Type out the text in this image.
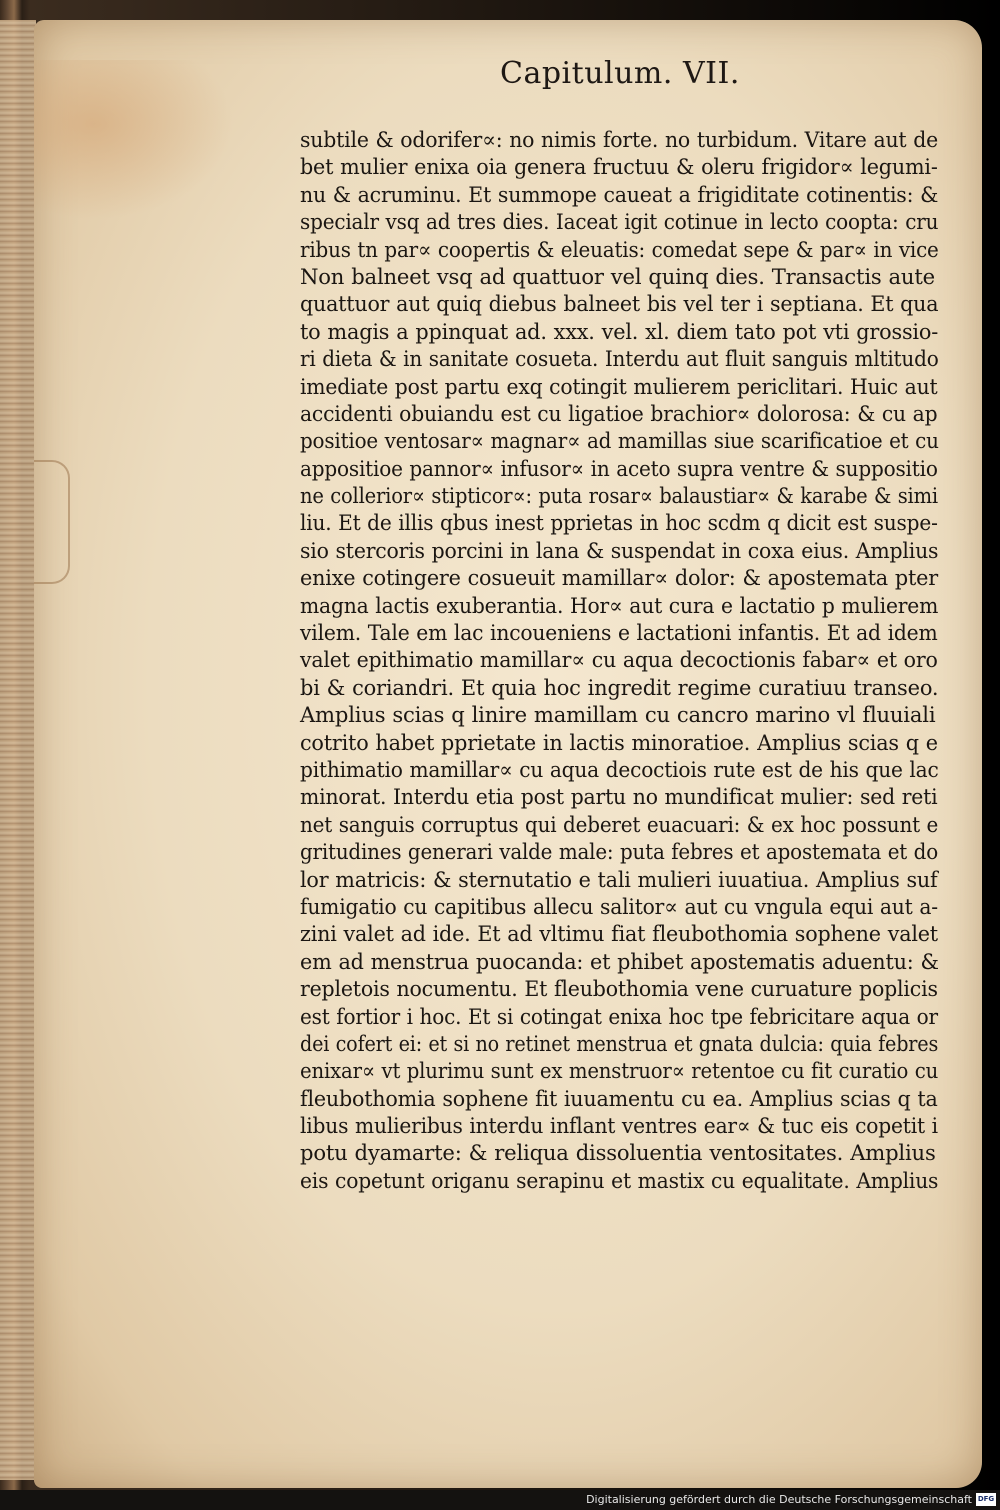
Capitulum. VII.
subtile & odorifer∝: no nimis forte. no turbidum. Vitare aut de
bet mulier enixa oia genera fructuu & oleru frigidor∝ legumi-
nu & acruminu. Et summope caueat a frigiditate cotinentis: &
specialr vsq ad tres dies. Iaceat igit cotinue in lecto coopta: cru
ribus tn par∝ coopertis & eleuatis: comedat sepe & par∝ in vice
Non balneet vsq ad quattuor vel quinq dies. Transactis aute
quattuor aut quiq diebus balneet bis vel ter i septiana. Et qua
to magis a ppinquat ad. xxx. vel. xl. diem tato pot vti grossio-
ri dieta & in sanitate cosueta. Interdu aut fluit sanguis mltitudo
imediate post partu exq cotingit mulierem periclitari. Huic aut
accidenti obuiandu est cu ligatioe brachior∝ dolorosa: & cu ap
positioe ventosar∝ magnar∝ ad mamillas siue scarificatioe et cu
appositioe pannor∝ infusor∝ in aceto supra ventre & suppositio
ne collerior∝ stipticor∝: puta rosar∝ balaustiar∝ & karabe & simi
liu. Et de illis qbus inest pprietas in hoc scdm q dicit est suspe-
sio stercoris porcini in lana & suspendat in coxa eius. Amplius
enixe cotingere cosueuit mamillar∝ dolor: & apostemata pter
magna lactis exuberantia. Hor∝ aut cura e lactatio p mulierem
vilem. Tale em lac incoueniens e lactationi infantis. Et ad idem
valet epithimatio mamillar∝ cu aqua decoctionis fabar∝ et oro
bi & coriandri. Et quia hoc ingredit regime curatiuu transeo.
Amplius scias q linire mamillam cu cancro marino vl fluuiali
cotrito habet pprietate in lactis minoratioe. Amplius scias q e
pithimatio mamillar∝ cu aqua decoctiois rute est de his que lac
minorat. Interdu etia post partu no mundificat mulier: sed reti
net sanguis corruptus qui deberet euacuari: & ex hoc possunt e
gritudines generari valde male: puta febres et apostemata et do
lor matricis: & sternutatio e tali mulieri iuuatiua. Amplius suf
fumigatio cu capitibus allecu salitor∝ aut cu vngula equi aut a-
zini valet ad ide. Et ad vltimu fiat fleubothomia sophene valet
em ad menstrua puocanda: et phibet apostematis aduentu: &
repletois nocumentu. Et fleubothomia vene curuature poplicis
est fortior i hoc. Et si cotingat enixa hoc tpe febricitare aqua or
dei cofert ei: et si no retinet menstrua et gnata dulcia: quia febres
enixar∝ vt plurimu sunt ex menstruor∝ retentoe cu fit curatio cu
fleubothomia sophene fit iuuamentu cu ea. Amplius scias q ta
libus mulieribus interdu inflant ventres ear∝ & tuc eis copetit i
potu dyamarte: & reliqua dissoluentia ventositates. Amplius
eis copetunt origanu serapinu et mastix cu equalitate. Amplius
Digitalisierung gefördert durch die Deutsche Forschungsgemeinschaft DFG
